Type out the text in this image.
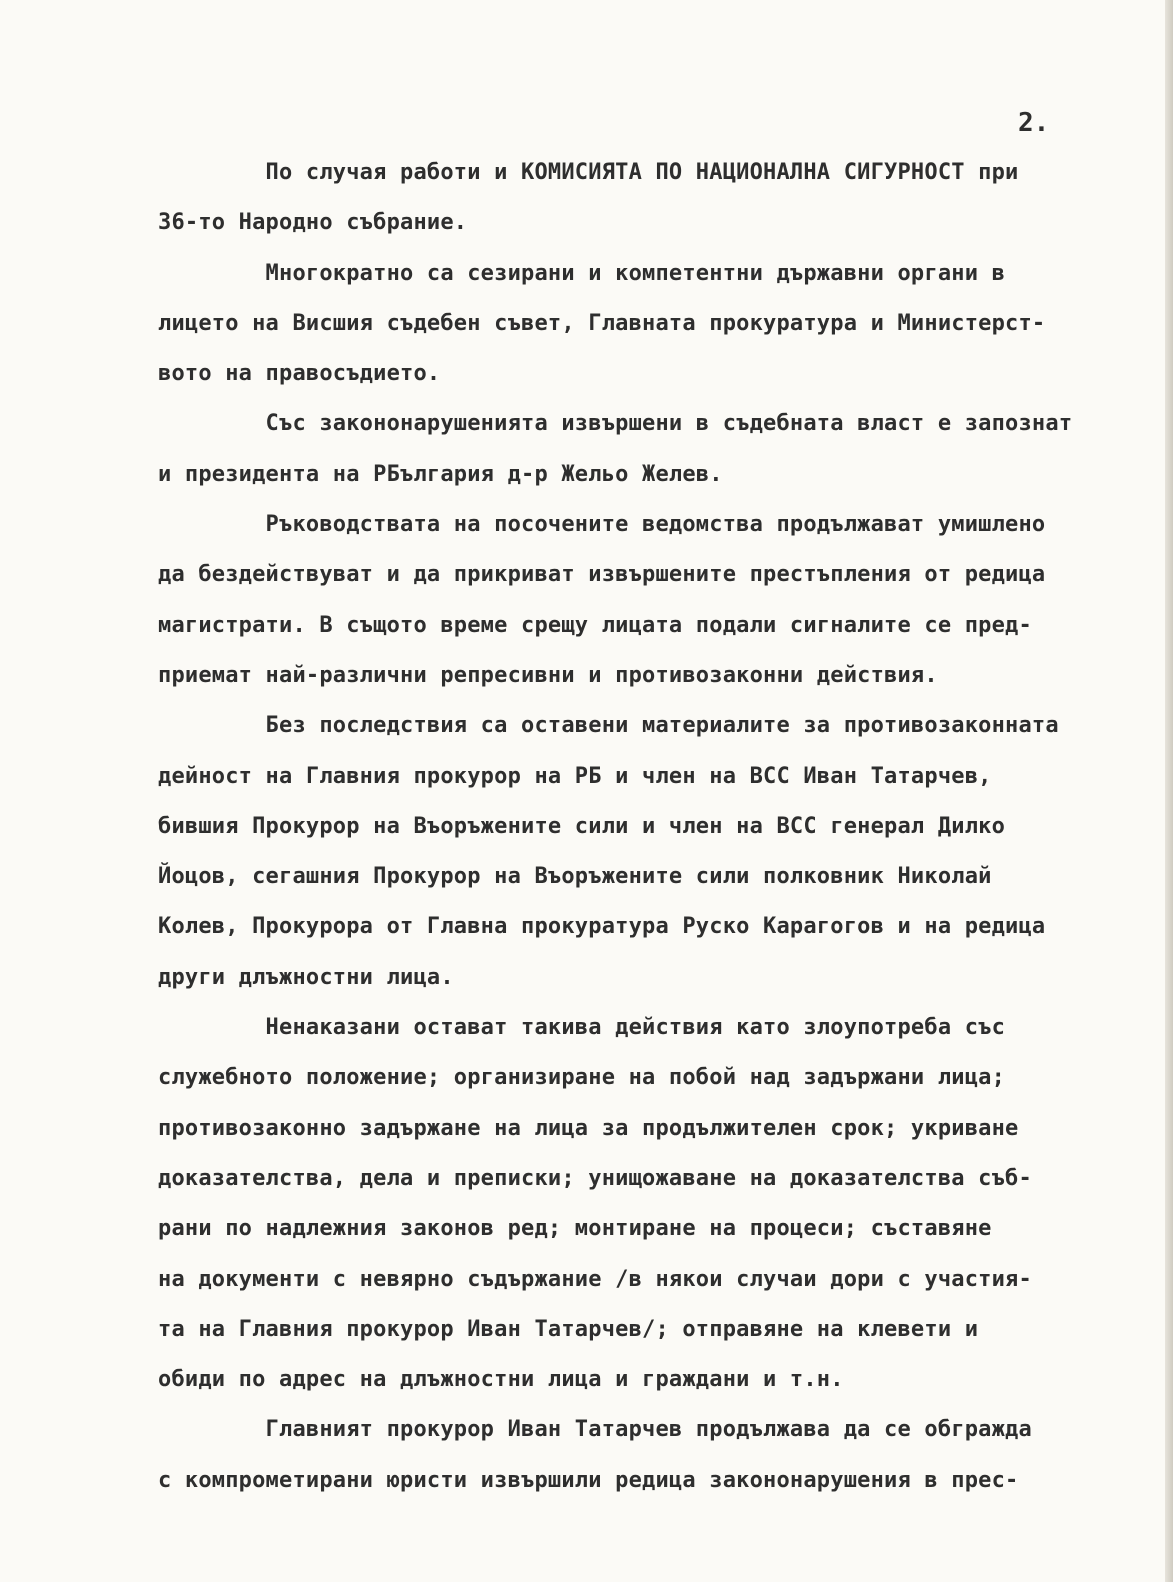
2.
По случая работи и КОМИСИЯТА ПО НАЦИОНАЛНА СИГУРНОСТ при
36-то Народно събрание.
Многократно са сезирани и компетентни държавни органи в
лицето на Висшия съдебен съвет, Главната прокуратура и Министерст-
вото на правосъдието.
Със закононарушенията извършени в съдебната власт е запознат
и президента на РБългария д-р Жельо Желев.
Ръководствата на посочените ведомства продължават умишлено
да бездействуват и да прикриват извършените престъпления от редица
магистрати. В същото време срещу лицата подали сигналите се пред-
приемат най-различни репресивни и противозаконни действия.
Без последствия са оставени материалите за противозаконната
дейност на Главния прокурор на РБ и член на ВСС Иван Татарчев,
бившия Прокурор на Въоръжените сили и член на ВСС генерал Дилко
Йоцов, сегашния Прокурор на Въоръжените сили полковник Николай
Колев, Прокурора от Главна прокуратура Руско Карагогов и на редица
други длъжностни лица.
Ненаказани остават такива действия като злоупотреба със
служебното положение; организиране на побой над задържани лица;
противозаконно задържане на лица за продължителен срок; укриване
доказателства, дела и преписки; унищожаване на доказателства съб-
рани по надлежния законов ред; монтиране на процеси; съставяне
на документи с невярно съдържание /в някои случаи дори с участия-
та на Главния прокурор Иван Татарчев/; отправяне на клевети и
обиди по адрес на длъжностни лица и граждани и т.н.
Главният прокурор Иван Татарчев продължава да се обгражда
с компрометирани юристи извършили редица закононарушения в прес-
